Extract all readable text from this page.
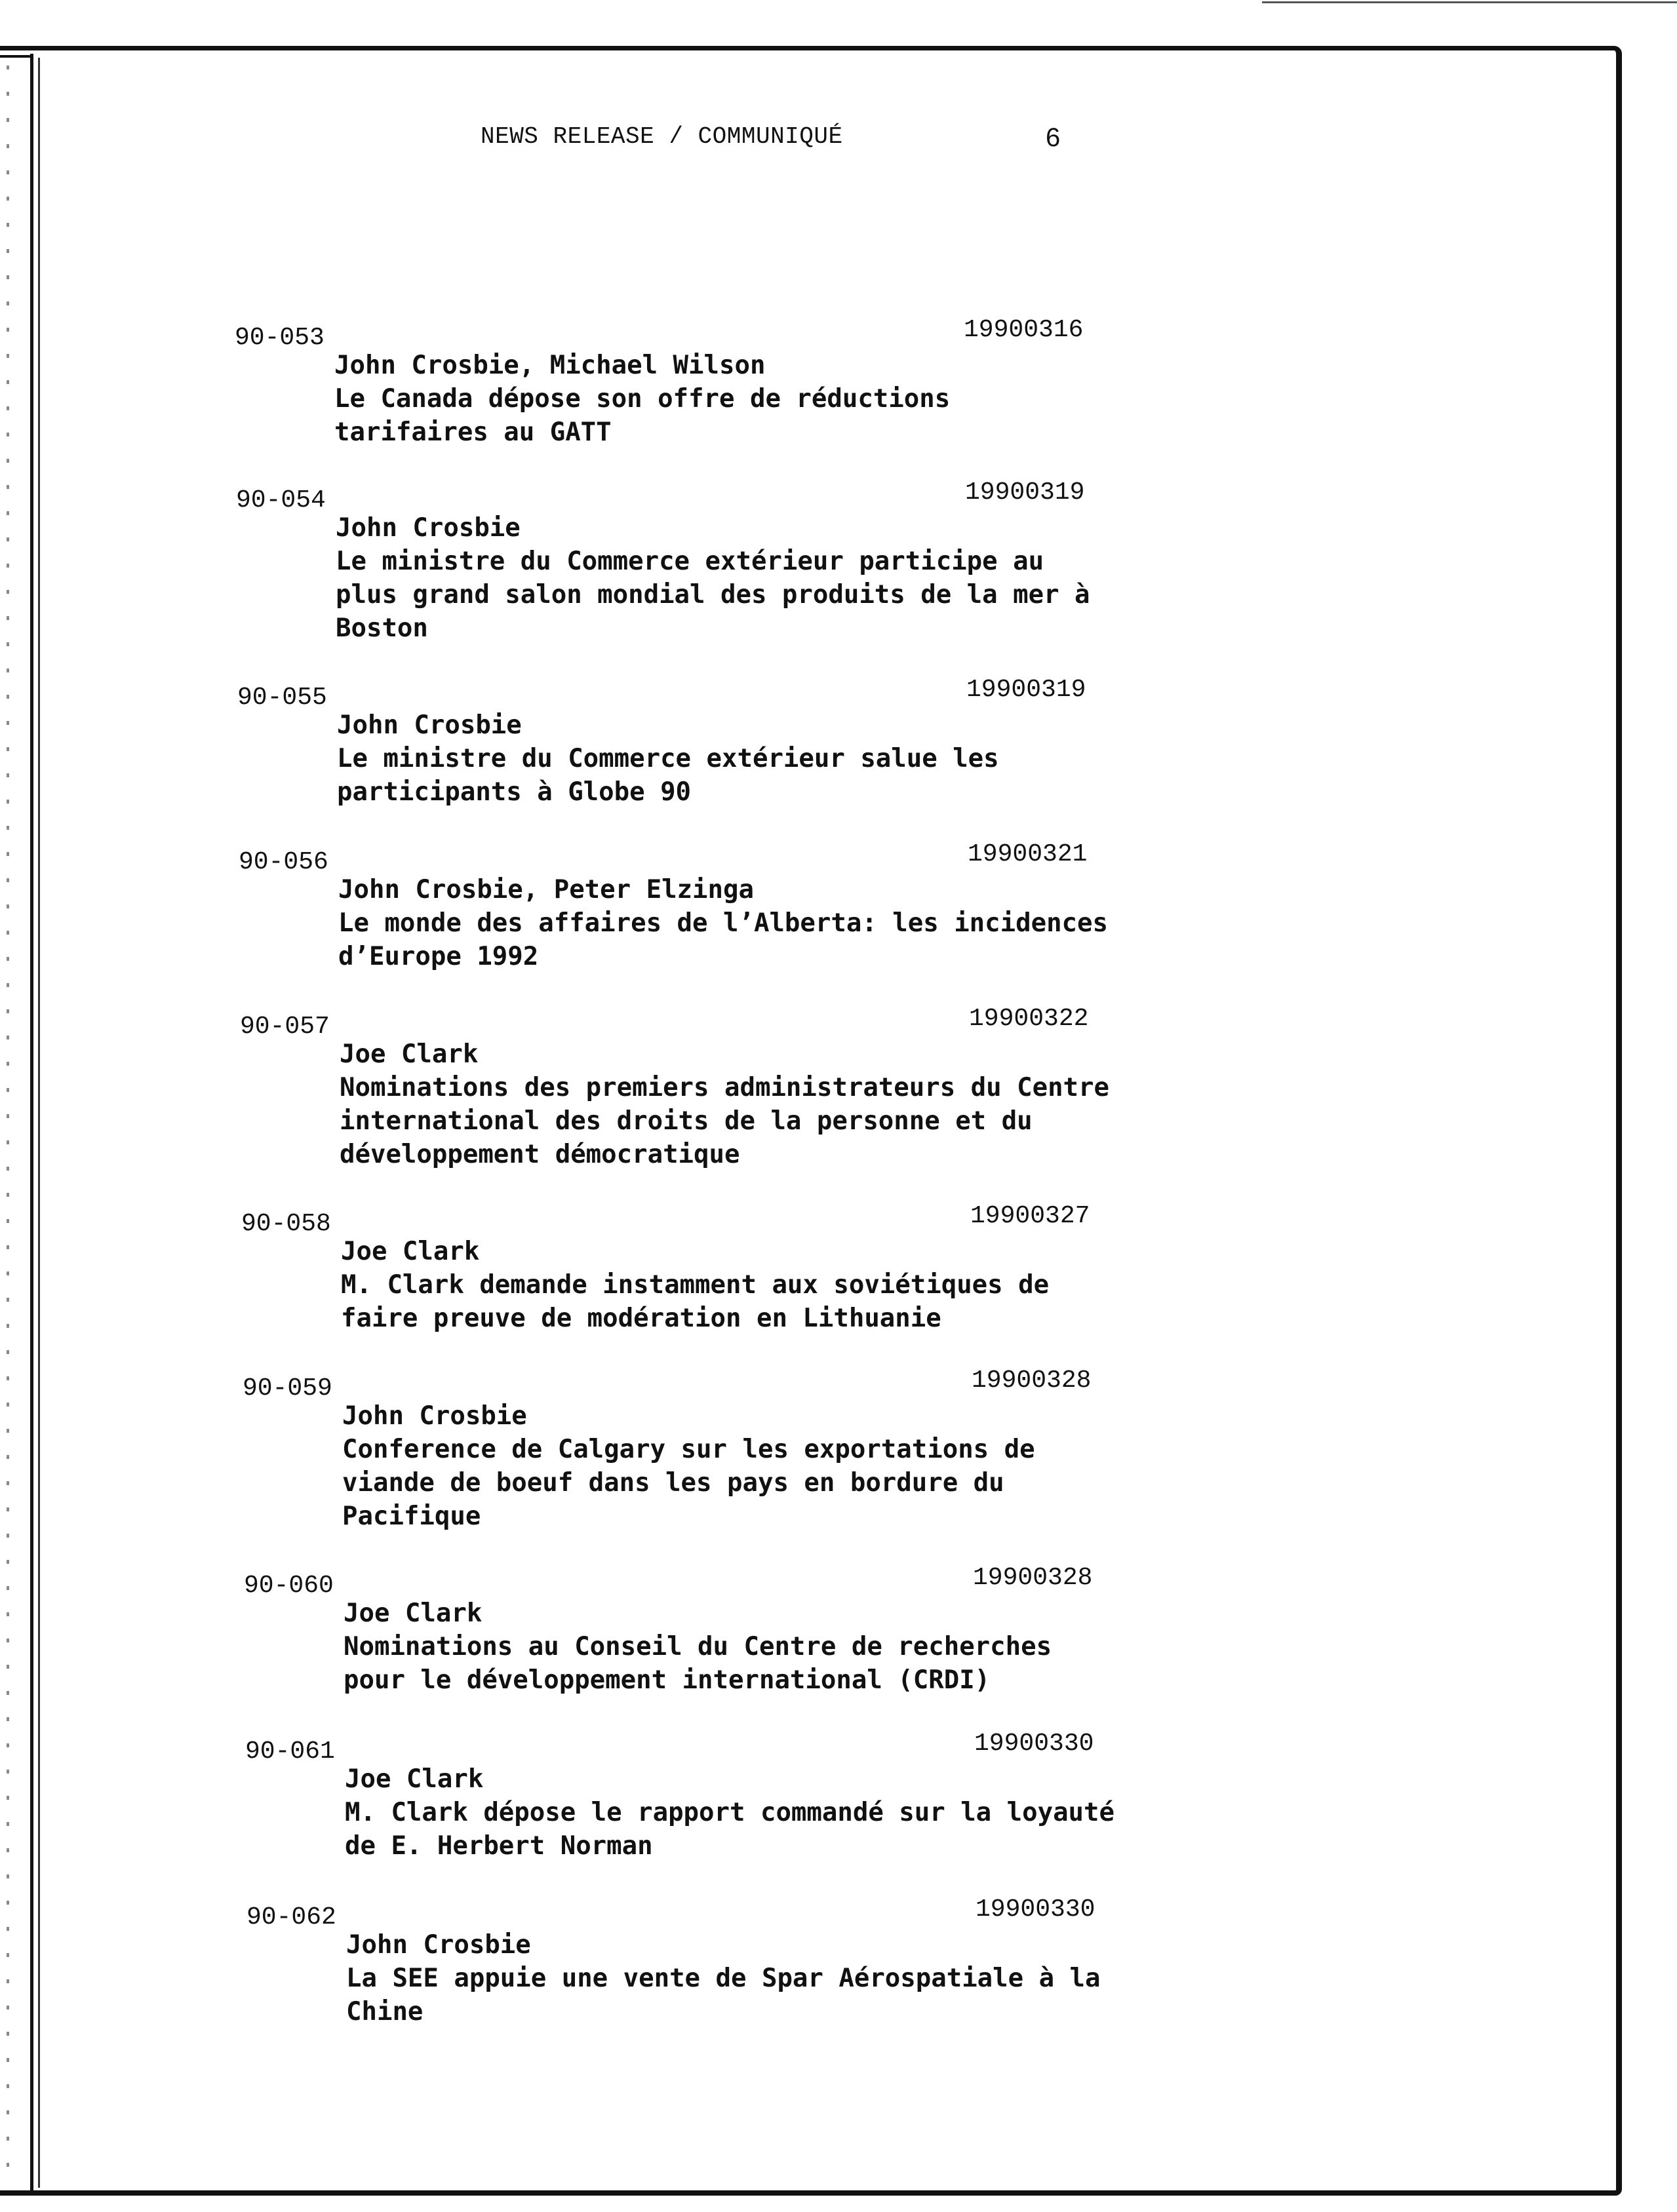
NEWS RELEASE / COMMUNIQUÉ	6
90-053	19900316
John Crosbie, Michael Wilson
Le Canada dépose son offre de réductions
tarifaires au GATT
90-054	19900319
John Crosbie
Le ministre du Commerce extérieur participe au
plus grand salon mondial des produits de la mer à
Boston
90-055	19900319
John Crosbie
Le ministre du Commerce extérieur salue les
participants à Globe 90
90-056	19900321
John Crosbie, Peter Elzinga
Le monde des affaires de l’Alberta: les incidences
d’Europe 1992
90-057	19900322
Joe Clark
Nominations des premiers administrateurs du Centre
international des droits de la personne et du
développement démocratique
90-058	19900327
Joe Clark
M. Clark demande instamment aux soviétiques de
faire preuve de modération en Lithuanie
90-059	19900328
John Crosbie
Conference de Calgary sur les exportations de
viande de boeuf dans les pays en bordure du
Pacifique
90-060	19900328
Joe Clark
Nominations au Conseil du Centre de recherches
pour le développement international (CRDI)
90-061	19900330
Joe Clark
M. Clark dépose le rapport commandé sur la loyauté
de E. Herbert Norman
90-062	19900330
John Crosbie
La SEE appuie une vente de Spar Aérospatiale à la
Chine
